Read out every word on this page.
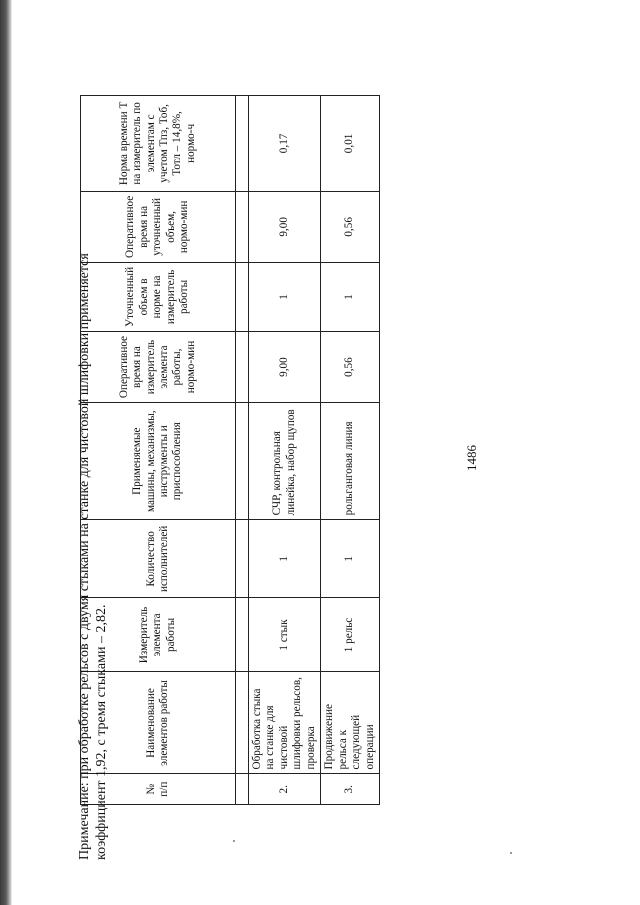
1486
№ п/п	Наименование элементов работы	Измеритель элемента работы	Количество исполнителей	Применяемые машины, механизмы, инструменты и приспособления	Оперативное время на измеритель элемента работы, нормо-мин	Уточненный объем в норме на измеритель работы	Оперативное время на уточненный объем, нормо-мин	Норма времени Т на измеритель по элементам с учетом Тпз, Тоб, Тотл – 14,8%, нормо-ч

2.	Обработка стыка на станке для чистовой шлифовки рельсов, проверка	1 стык	1	СЧР, контрольная линейка, набор щупов	9,00	1	9,00	0,17
3.	Продвижение рельса к следующей операции	1 рельс	1	рольганговая линия	0,56	1	0,56	0,01
Примечание: при обработке рельсов с двумя стыками на станке для чистовой шлифовки применяется коэффициент 1,92, с тремя стыками – 2,82.
